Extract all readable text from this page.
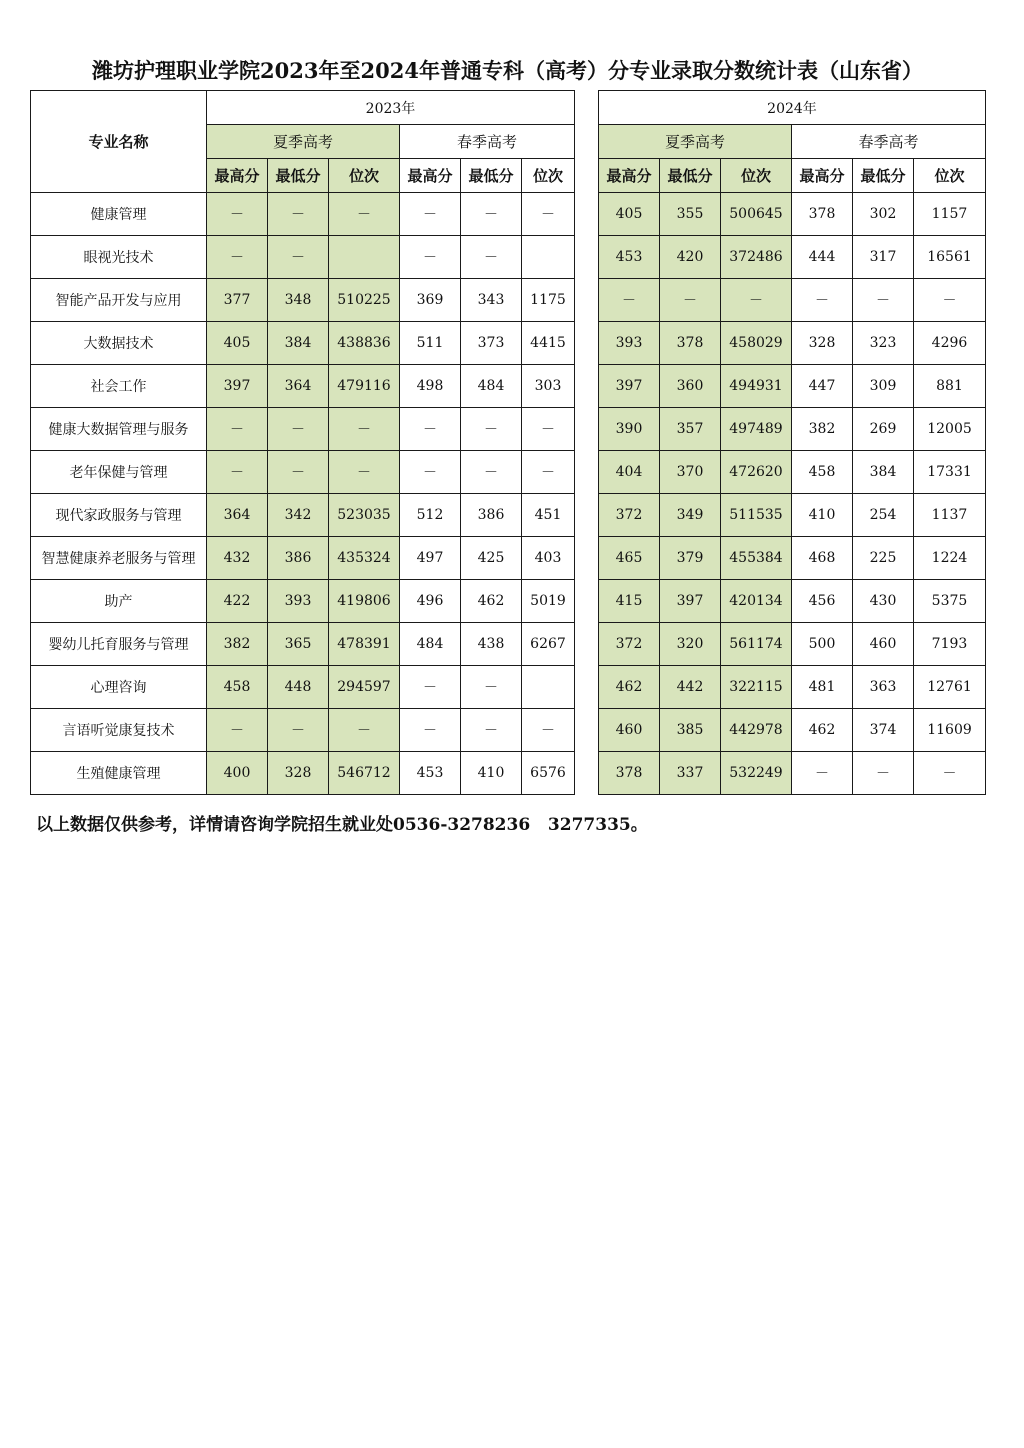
潍坊护理职业学院2023年至2024年普通专科（高考）分专业录取分数统计表（山东省）
专业名称	2023年							2024年					
	夏季高考			春季高考				夏季高考			春季高考		
	最高分	最低分	位次	最高分	最低分	位次		最高分	最低分	位次	最高分	最低分	位次
健康管理	－	－	－	－	－	－		405	355	500645	378	302	1157
眼视光技术	－	－		－	－			453	420	372486	444	317	16561
智能产品开发与应用	377	348	510225	369	343	1175		－	－	－	－	－	－
大数据技术	405	384	438836	511	373	4415		393	378	458029	328	323	4296
社会工作	397	364	479116	498	484	303		397	360	494931	447	309	881
健康大数据管理与服务	－	－	－	－	－	－		390	357	497489	382	269	12005
老年保健与管理	－	－	－	－	－	－		404	370	472620	458	384	17331
现代家政服务与管理	364	342	523035	512	386	451		372	349	511535	410	254	1137
智慧健康养老服务与管理	432	386	435324	497	425	403		465	379	455384	468	225	1224
助产	422	393	419806	496	462	5019		415	397	420134	456	430	5375
婴幼儿托育服务与管理	382	365	478391	484	438	6267		372	320	561174	500	460	7193
心理咨询	458	448	294597	－	－			462	442	322115	481	363	12761
言语听觉康复技术	－	－	－	－	－	－		460	385	442978	462	374	11609
生殖健康管理	400	328	546712	453	410	6576		378	337	532249	－	－	－
以上数据仅供参考，详情请咨询学院招生就业处0536-3278236   3277335。
